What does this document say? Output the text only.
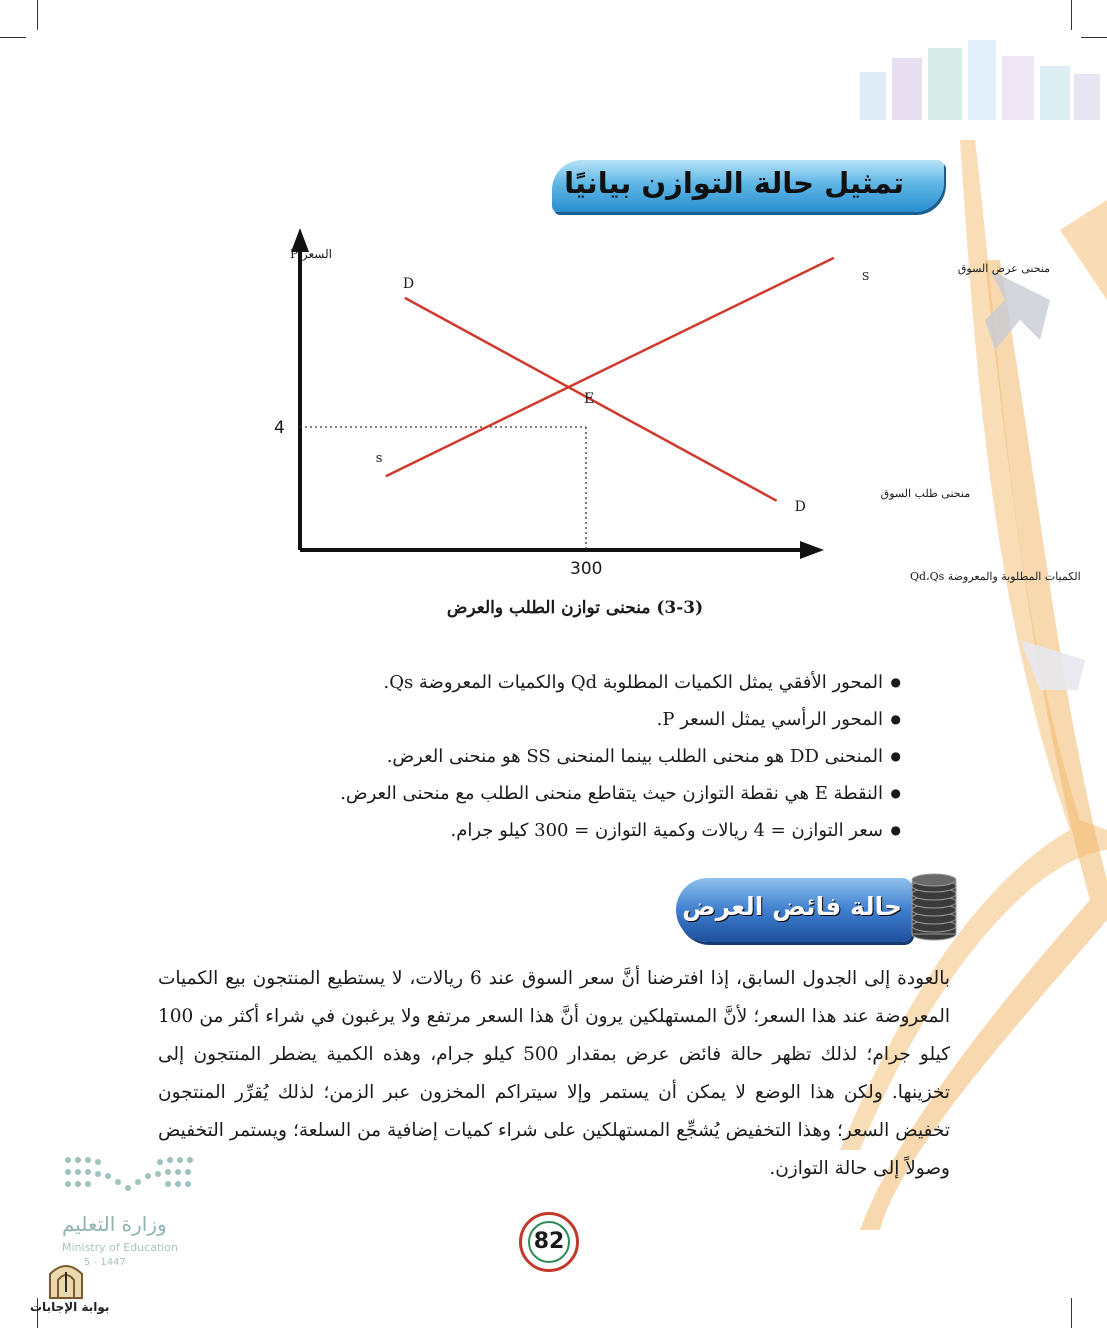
تمثيل حالة التوازن بيانيًا
300
4
السعر P
الكميات المطلوبة والمعروضة Qd،Qs
D
D
منحنى طلب السوق
s
S
منحنى عرض السوق
E
(3-3) منحنى توازن الطلب والعرض
● المحور الأفقي يمثل الكميات المطلوبة Qd والكميات المعروضة Qs.
● المحور الرأسي يمثل السعر P.
● المنحنى DD هو منحنى الطلب بينما المنحنى SS هو منحنى العرض.
● النقطة E هي نقطة التوازن حيث يتقاطع منحنى الطلب مع منحنى العرض.
● سعر التوازن = 4 ريالات وكمية التوازن = 300 كيلو جرام.
حالة فائض العرض
بالعودة إلى الجدول السابق، إذا افترضنا أنَّ سعر السوق عند 6 ريالات، لا يستطيع المنتجون بيع الكميات المعروضة عند هذا السعر؛ لأنَّ المستهلكين يرون أنَّ هذا السعر مرتفع ولا يرغبون في شراء أكثر من 100 كيلو جرام؛ لذلك تظهر حالة فائض عرض بمقدار 500 كيلو جرام، وهذه الكمية يضطر المنتجون إلى تخزينها. ولكن هذا الوضع لا يمكن أن يستمر وإلا سيتراكم المخزون عبر الزمن؛ لذلك يُقرِّر المنتجون تخفيض السعر؛ وهذا التخفيض يُشجِّع المستهلكين على شراء كميات إضافية من السلعة؛ ويستمر التخفيض وصولاً إلى حالة التوازن.
وزارة التعليم
Ministry of Education
5 - 1447
82
بوابة الإجابات
